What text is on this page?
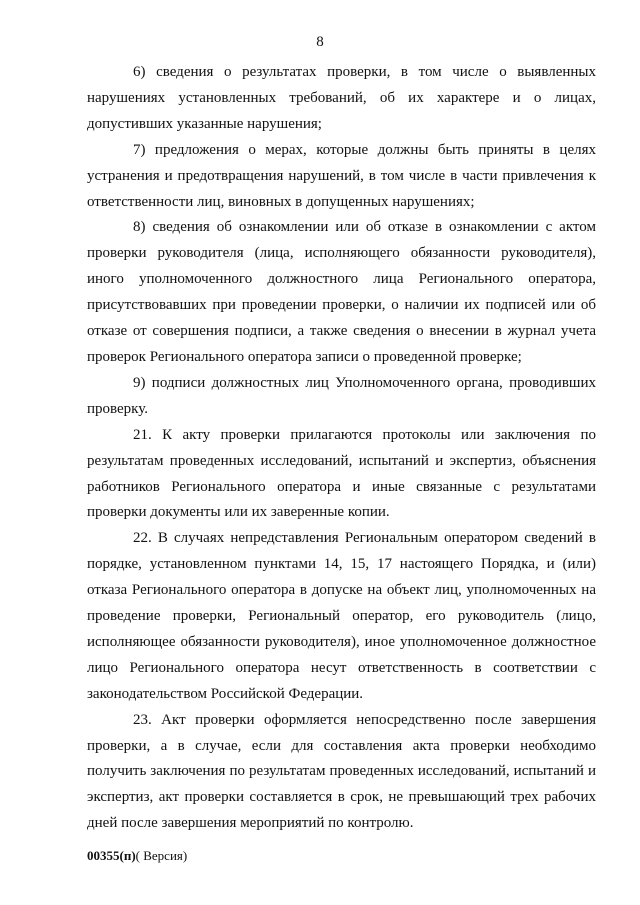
8

6) сведения о результатах проверки, в том числе о выявленных нарушениях установленных требований, об их характере и о лицах, допустивших указанные нарушения;

7) предложения о мерах, которые должны быть приняты в целях устранения и предотвращения нарушений, в том числе в части привлечения к ответственности лиц, виновных в допущенных нарушениях;

8) сведения об ознакомлении или об отказе в ознакомлении с актом проверки руководителя (лица, исполняющего обязанности руководителя), иного уполномоченного должностного лица Регионального оператора, присутствовавших при проведении проверки, о наличии их подписей или об отказе от совершения подписи, а также сведения о внесении в журнал учета проверок Регионального оператора записи о проведенной проверке;

9) подписи должностных лиц Уполномоченного органа, проводивших проверку.

21. К акту проверки прилагаются протоколы или заключения по результатам проведенных исследований, испытаний и экспертиз, объяснения работников Регионального оператора и иные связанные с результатами проверки документы или их заверенные копии.

22. В случаях непредставления Региональным оператором сведений в порядке, установленном пунктами 14, 15, 17 настоящего Порядка, и (или) отказа Регионального оператора в допуске на объект лиц, уполномоченных на проведение проверки, Региональный оператор, его руководитель (лицо, исполняющее обязанности руководителя), иное уполномоченное должностное лицо Регионального оператора несут ответственность в соответствии с законодательством Российской Федерации.

23. Акт проверки оформляется непосредственно после завершения проверки, а в случае, если для составления акта проверки необходимо получить заключения по результатам проведенных исследований, испытаний и экспертиз, акт проверки составляется в срок, не превышающий трех рабочих дней после завершения мероприятий по контролю.

00355(п)( Версия)
